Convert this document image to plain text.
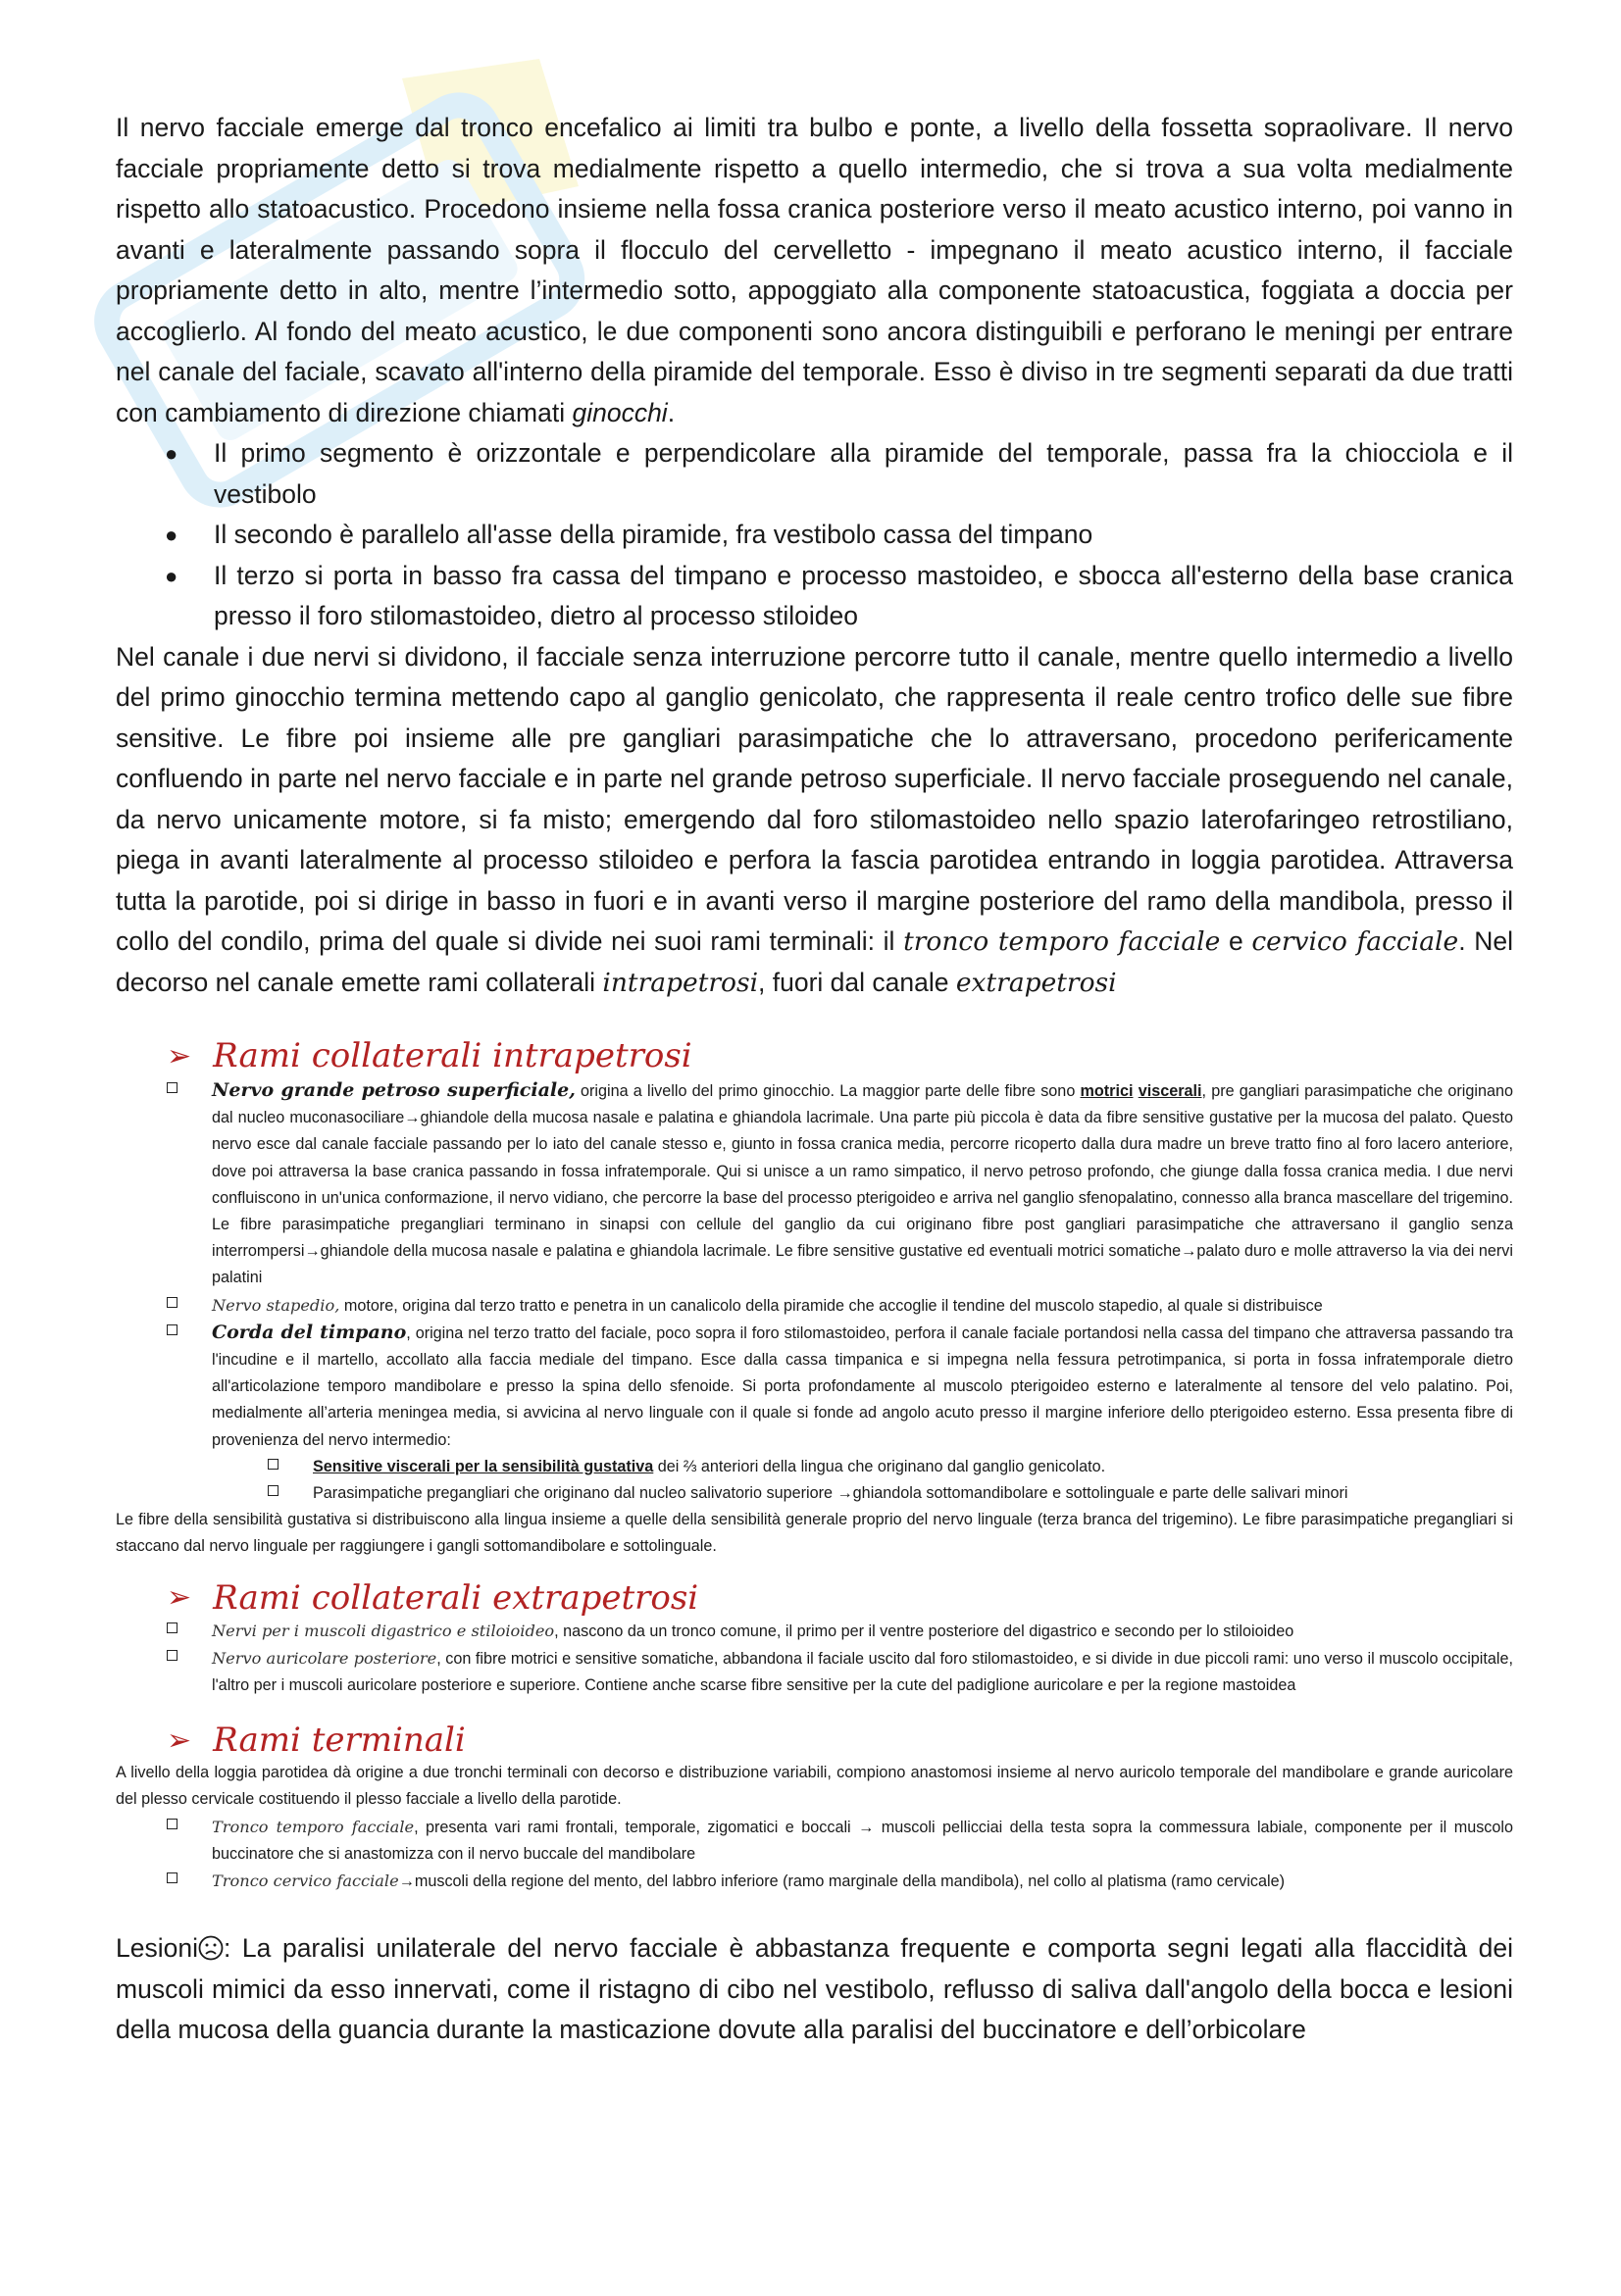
Il nervo facciale emerge dal tronco encefalico ai limiti tra bulbo e ponte, a livello della fossetta sopraolivare. Il nervo facciale propriamente detto si trova medialmente rispetto a quello intermedio, che si trova a sua volta medialmente rispetto allo statoacustico. Procedono insieme nella fossa cranica posteriore verso il meato acustico interno, poi vanno in avanti e lateralmente passando sopra il flocculo del cervelletto - impegnano il meato acustico interno, il facciale propriamente detto in alto, mentre l’intermedio sotto, appoggiato alla componente statoacustica, foggiata a doccia per accoglierlo. Al fondo del meato acustico, le due componenti sono ancora distinguibili e perforano le meningi per entrare nel canale del faciale, scavato all'interno della piramide del temporale. Esso è diviso in tre segmenti separati da due tratti con cambiamento di direzione chiamati ginocchi.

● Il primo segmento è orizzontale e perpendicolare alla piramide del temporale, passa fra la chiocciola e il vestibolo
● Il secondo è parallelo all'asse della piramide, fra vestibolo cassa del timpano
● Il terzo si porta in basso fra cassa del timpano e processo mastoideo, e sbocca all'esterno della base cranica presso il foro stilomastoideo, dietro al processo stiloideo

Nel canale i due nervi si dividono, il facciale senza interruzione percorre tutto il canale, mentre quello intermedio a livello del primo ginocchio termina mettendo capo al ganglio genicolato, che rappresenta il reale centro trofico delle sue fibre sensitive. Le fibre poi insieme alle pre gangliari parasimpatiche che lo attraversano, procedono perifericamente confluendo in parte nel nervo facciale e in parte nel grande petroso superficiale. Il nervo facciale proseguendo nel canale, da nervo unicamente motore, si fa misto; emergendo dal foro stilomastoideo nello spazio laterofaringeo retrostiliano, piega in avanti lateralmente al processo stiloideo e perfora la fascia parotidea entrando in loggia parotidea. Attraversa tutta la parotide, poi si dirige in basso in fuori e in avanti verso il margine posteriore del ramo della mandibola, presso il collo del condilo, prima del quale si divide nei suoi rami terminali: il tronco temporo facciale e cervico facciale. Nel decorso nel canale emette rami collaterali intrapetrosi, fuori dal canale extrapetrosi

➢ Rami collaterali intrapetrosi
Nervo grande petroso superficiale, origina a livello del primo ginocchio. La maggior parte delle fibre sono motrici viscerali, pre gangliari parasimpatiche che originano dal nucleo muconasociliare→ghiandole della mucosa nasale e palatina e ghiandola lacrimale. Una parte più piccola è data da fibre sensitive gustative per la mucosa del palato. Questo nervo esce dal canale facciale passando per lo iato del canale stesso e, giunto in fossa cranica media, percorre ricoperto dalla dura madre un breve tratto fino al foro lacero anteriore, dove poi attraversa la base cranica passando in fossa infratemporale. Qui si unisce a un ramo simpatico, il nervo petroso profondo, che giunge dalla fossa cranica media. I due nervi confluiscono in un'unica conformazione, il nervo vidiano, che percorre la base del processo pterigoideo e arriva nel ganglio sfenopalatino, connesso alla branca mascellare del trigemino. Le fibre parasimpatiche pregangliari terminano in sinapsi con cellule del ganglio da cui originano fibre post gangliari parasimpatiche che attraversano il ganglio senza interrompersi→ghiandole della mucosa nasale e palatina e ghiandola lacrimale. Le fibre sensitive gustative ed eventuali motrici somatiche→palato duro e molle attraverso la via dei nervi palatini
Nervo stapedio, motore, origina dal terzo tratto e penetra in un canalicolo della piramide che accoglie il tendine del muscolo stapedio, al quale si distribuisce
Corda del timpano, origina nel terzo tratto del faciale, poco sopra il foro stilomastoideo, perfora il canale faciale portandosi nella cassa del timpano che attraversa passando tra l'incudine e il martello, accollato alla faccia mediale del timpano. Esce dalla cassa timpanica e si impegna nella fessura petrotimpanica, si porta in fossa infratemporale dietro all'articolazione temporo mandibolare e presso la spina dello sfenoide. Si porta profondamente al muscolo pterigoideo esterno e lateralmente al tensore del velo palatino. Poi, medialmente all’arteria meningea media, si avvicina al nervo linguale con il quale si fonde ad angolo acuto presso il margine inferiore dello pterigoideo esterno. Essa presenta fibre di provenienza del nervo intermedio:
Sensitive viscerali per la sensibilità gustativa dei ⅔ anteriori della lingua che originano dal ganglio genicolato.
Parasimpatiche pregangliari che originano dal nucleo salivatorio superiore →ghiandola sottomandibolare e sottolinguale e parte delle salivari minori

Le fibre della sensibilità gustativa si distribuiscono alla lingua insieme a quelle della sensibilità generale proprio del nervo linguale (terza branca del trigemino). Le fibre parasimpatiche pregangliari si staccano dal nervo linguale per raggiungere i gangli sottomandibolare e sottolinguale.

➢ Rami collaterali extrapetrosi
Nervi per i muscoli digastrico e stiloioideo, nascono da un tronco comune, il primo per il ventre posteriore del digastrico e secondo per lo stiloioideo
Nervo auricolare posteriore, con fibre motrici e sensitive somatiche, abbandona il faciale uscito dal foro stilomastoideo, e si divide in due piccoli rami: uno verso il muscolo occipitale, l'altro per i muscoli auricolare posteriore e superiore. Contiene anche scarse fibre sensitive per la cute del padiglione auricolare e per la regione mastoidea
➢ Rami terminali

A livello della loggia parotidea dà origine a due tronchi terminali con decorso e distribuzione variabili, compiono anastomosi insieme al nervo auricolo temporale del mandibolare e grande auricolare del plesso cervicale costituendo il plesso facciale a livello della parotide.

Tronco temporo facciale, presenta vari rami frontali, temporale, zigomatici e boccali → muscoli pellicciai della testa sopra la commessura labiale, componente per il muscolo buccinatore che si anastomizza con il nervo buccale del mandibolare
Tronco cervico facciale→muscoli della regione del mento, del labbro inferiore (ramo marginale della mandibola), nel collo al platisma (ramo cervicale)

Lesioni : La paralisi unilaterale del nervo facciale è abbastanza frequente e comporta segni legati alla flaccidità dei muscoli mimici da esso innervati, come il ristagno di cibo nel vestibolo, reflusso di saliva dall'angolo della bocca e lesioni della mucosa della guancia durante la masticazione dovute alla paralisi del buccinatore e dell’orbicolare
